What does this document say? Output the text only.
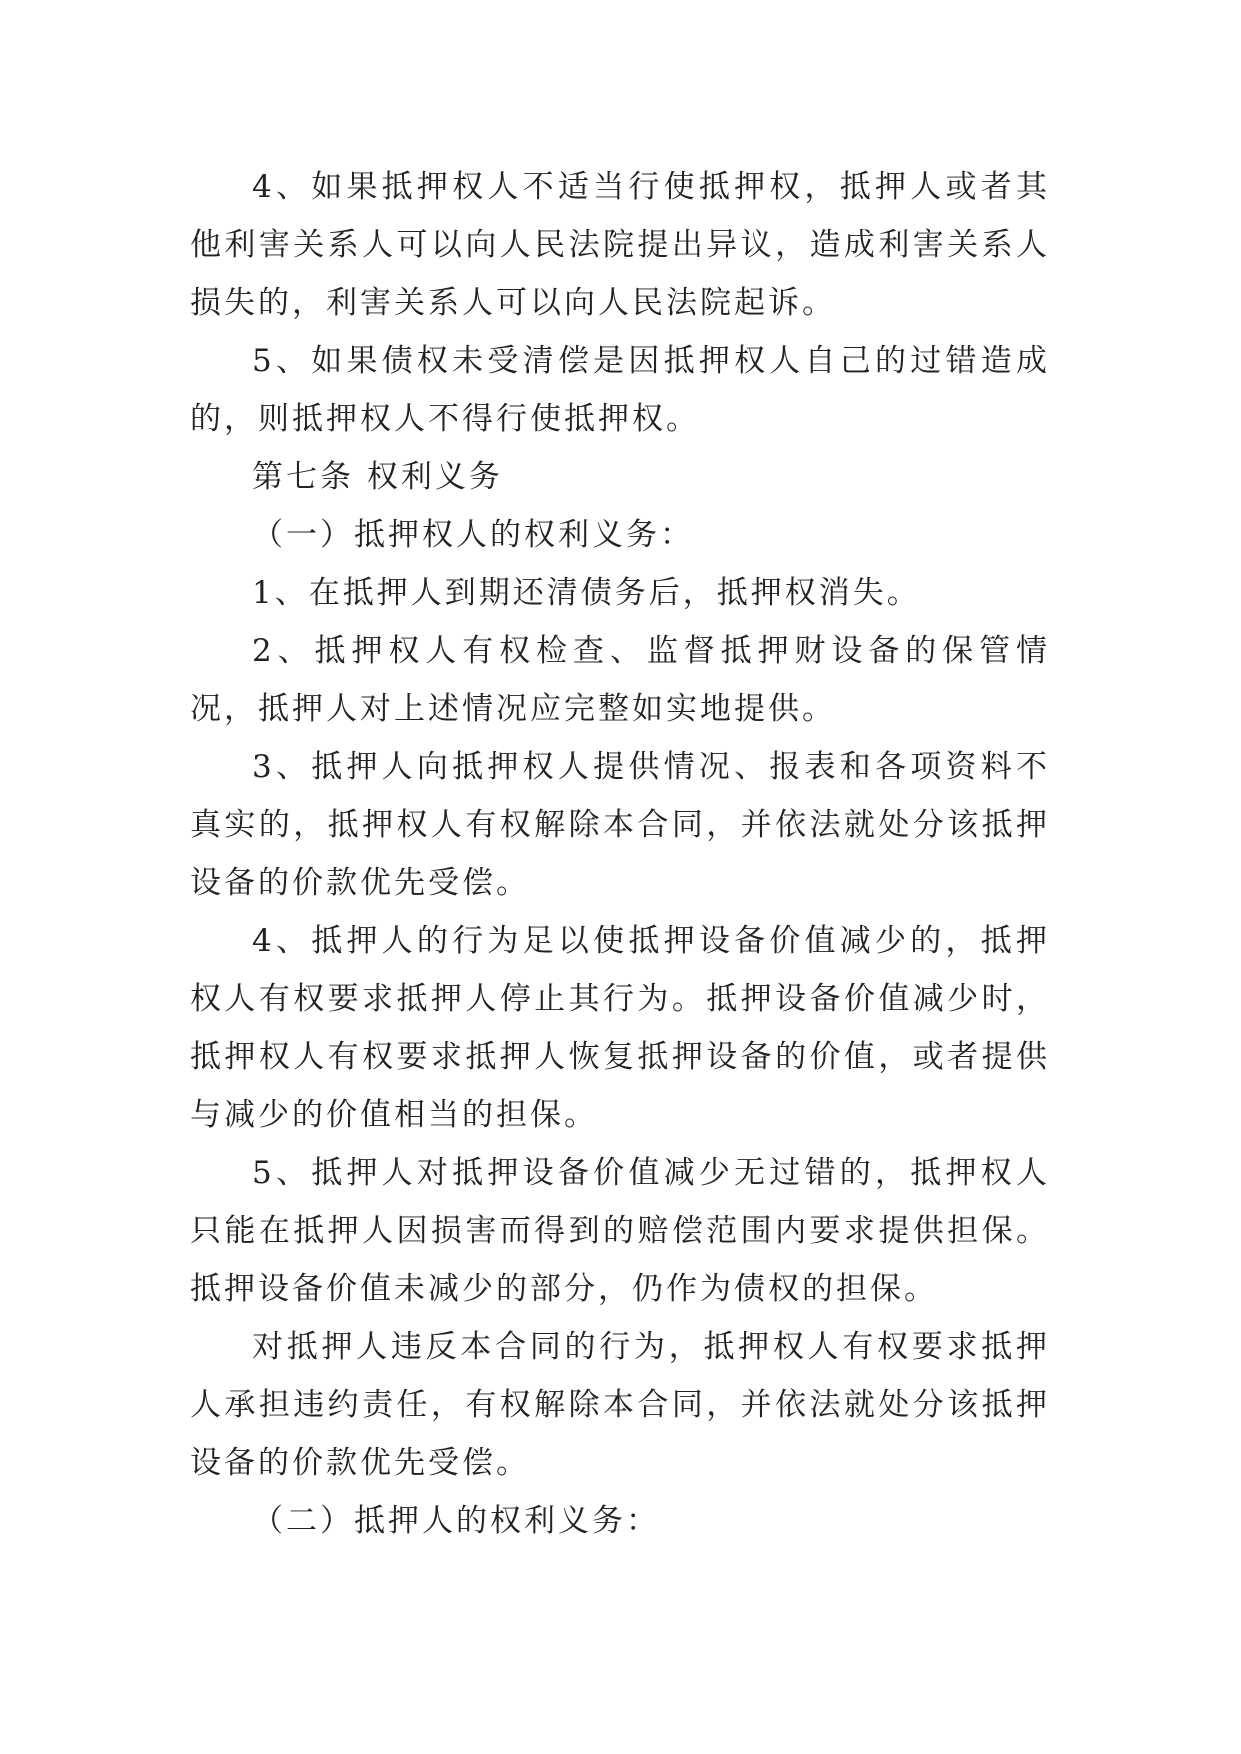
4、如果抵押权人不适当行使抵押权，抵押人或者其他利害关系人可以向人民法院提出异议，造成利害关系人损失的，利害关系人可以向人民法院起诉。

5、如果债权未受清偿是因抵押权人自己的过错造成的，则抵押权人不得行使抵押权。

第七条 权利义务

（一）抵押权人的权利义务：

1、在抵押人到期还清债务后，抵押权消失。

2、抵押权人有权检查、监督抵押财设备的保管情况，抵押人对上述情况应完整如实地提供。

3、抵押人向抵押权人提供情况、报表和各项资料不真实的，抵押权人有权解除本合同，并依法就处分该抵押设备的价款优先受偿。

4、抵押人的行为足以使抵押设备价值减少的，抵押权人有权要求抵押人停止其行为。抵押设备价值减少时，抵押权人有权要求抵押人恢复抵押设备的价值，或者提供与减少的价值相当的担保。

5、抵押人对抵押设备价值减少无过错的，抵押权人只能在抵押人因损害而得到的赔偿范围内要求提供担保。抵押设备价值未减少的部分，仍作为债权的担保。

对抵押人违反本合同的行为，抵押权人有权要求抵押人承担违约责任，有权解除本合同，并依法就处分该抵押设备的价款优先受偿。

（二）抵押人的权利义务：
